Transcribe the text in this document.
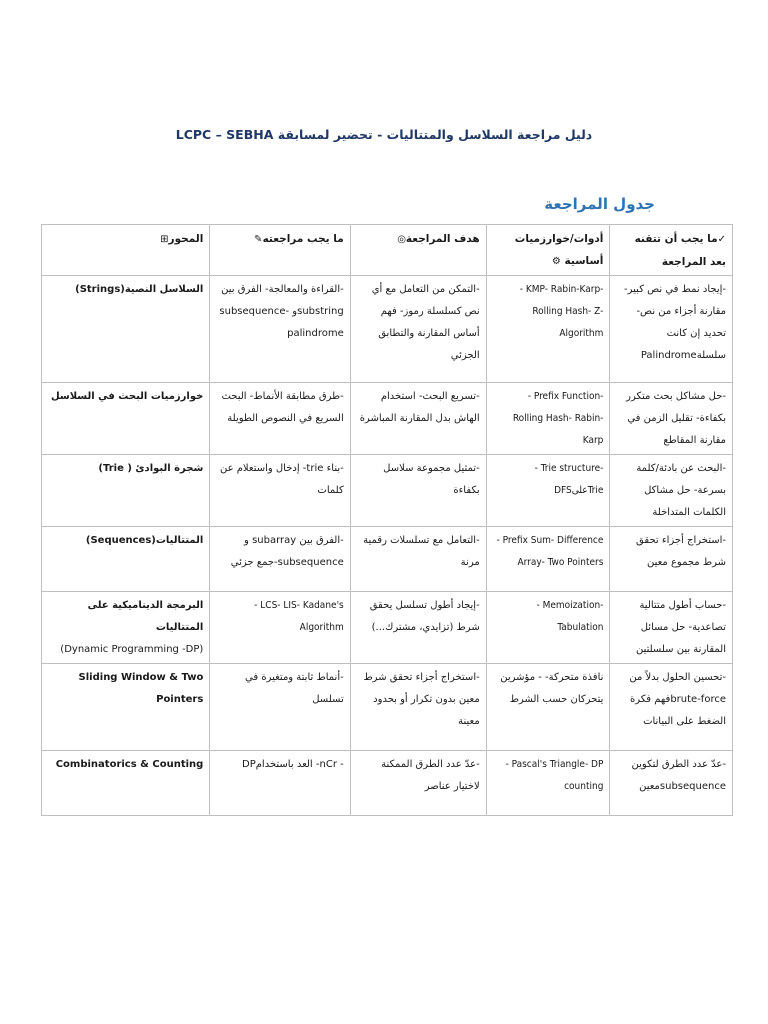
دليل مراجعة السلاسل والمتتاليات - تحضير لمسابقة LCPC – SEBHA
جدول المراجعة
✓ما يجب أن تتقنه بعد المراجعة	أدوات/خوارزميات أساسية ⚙	هدف المراجعة◎	ما يجب مراجعته✎	المحور⊞
-إيجاد نمط في نص كبير- مقارنة أجزاء من نص- تحديد إن كانت سلسلةPalindrome	- KMP- Rabin-Karp- Rolling Hash- Z-Algorithm	-التمكن من التعامل مع أي نص كسلسلة رموز- فهم أساس المقارنة والتطابق الجزئي	-القراءة والمعالجة- الفرق بين substringو subsequence- palindrome	السلاسل النصية(Strings)
-حل مشاكل بحث متكرر بكفاءة- تقليل الزمن في مقارنة المقاطع	- Prefix Function- Rolling Hash- Rabin-Karp	-تسريع البحث- استخدام الهاش بدل المقارنة المباشرة	-طرق مطابقة الأنماط- البحث السريع في النصوص الطويلة	خوارزميات البحث في السلاسل
-البحث عن بادئة/كلمة بسرعة- حل مشاكل الكلمات المتداخلة	- Trie structure- DFSعلىTrie	-تمثيل مجموعة سلاسل بكفاءة	-بناء trie- إدخال واستعلام عن كلمات	شجرة البوادئ ( Trie)
-استخراج أجزاء تحقق شرط مجموع معين	- Prefix Sum- Difference Array- Two Pointers	-التعامل مع تسلسلات رقمية مرنة	-الفرق بين subarray و subsequence-جمع جزئي	المتتاليات(Sequences)
-حساب أطول متتالية تصاعدية- حل مسائل المقارنة بين سلسلتين	- Memoization- Tabulation	-إيجاد أطول تسلسل يحقق شرط (تزايدي، مشترك...)	- LCS- LIS- Kadane's Algorithm	البرمجة الديناميكية على المتتاليات
(Dynamic Programming -DP)

-تحسين الحلول بدلاً من brute-forceفهم فكرة الضغط على البيانات	نافذة متحركة- - مؤشرين يتحركان حسب الشرط	-استخراج أجزاء تحقق شرط معين بدون تكرار أو بحدود معينة	-أنماط ثابتة ومتغيرة في تسلسل	Sliding Window & Two Pointers
-عدّ عدد الطرق لتكوين subsequenceمعين	- Pascal's Triangle- DP counting	-عدّ عدد الطرق الممكنة لاختيار عناصر	- nCr- العد باستخدامDP	Combinatorics & Counting
